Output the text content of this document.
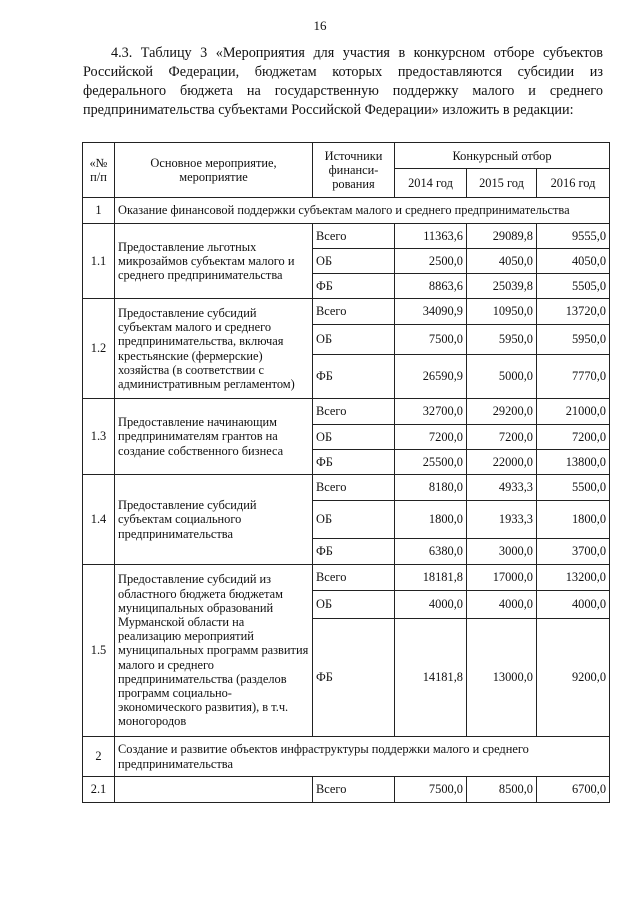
16

4.3. Таблицу 3 «Мероприятия для участия в конкурсном отборе субъектов Российской Федерации, бюджетам которых предоставляются субсидии из федерального бюджета на государственную поддержку малого и среднего предпринимательства субъектами Российской Федерации» изложить в редакции:

«№ п/п	Основное мероприятие, мероприятие	Источники финанси-рования	Конкурсный отбор		
			2014 год	2015 год	2016 год
1	Оказание финансовой поддержки субъектам малого и среднего предпринимательства				
1.1	Предоставление льготных микрозаймов субъектам малого и среднего предпринимательства	Всего	11363,6	29089,8	9555,0
		ОБ	2500,0	4050,0	4050,0
		ФБ	8863,6	25039,8	5505,0
1.2	Предоставление субсидий субъектам малого и среднего предпринимательства, включая крестьянские (фермерские) хозяйства (в соответствии с административным регламентом)	Всего	34090,9	10950,0	13720,0
		ОБ	7500,0	5950,0	5950,0
		ФБ	26590,9	5000,0	7770,0
1.3	Предоставление начинающим предпринимателям грантов на создание собственного бизнеса	Всего	32700,0	29200,0	21000,0
		ОБ	7200,0	7200,0	7200,0
		ФБ	25500,0	22000,0	13800,0
1.4	Предоставление субсидий субъектам социального предпринимательства	Всего	8180,0	4933,3	5500,0
		ОБ	1800,0	1933,3	1800,0
		ФБ	6380,0	3000,0	3700,0
1.5	Предоставление субсидий из областного бюджета бюджетам муниципальных образований Мурманской области на реализацию мероприятий муниципальных программ развития малого и среднего предпринимательства (разделов программ социально-экономического развития), в т.ч. моногородов	Всего	18181,8	17000,0	13200,0
		ОБ	4000,0	4000,0	4000,0
		ФБ	14181,8	13000,0	9200,0
2	Создание и развитие объектов инфраструктуры поддержки малого и среднего предпринимательства				
2.1		Всего	7500,0	8500,0	6700,0
